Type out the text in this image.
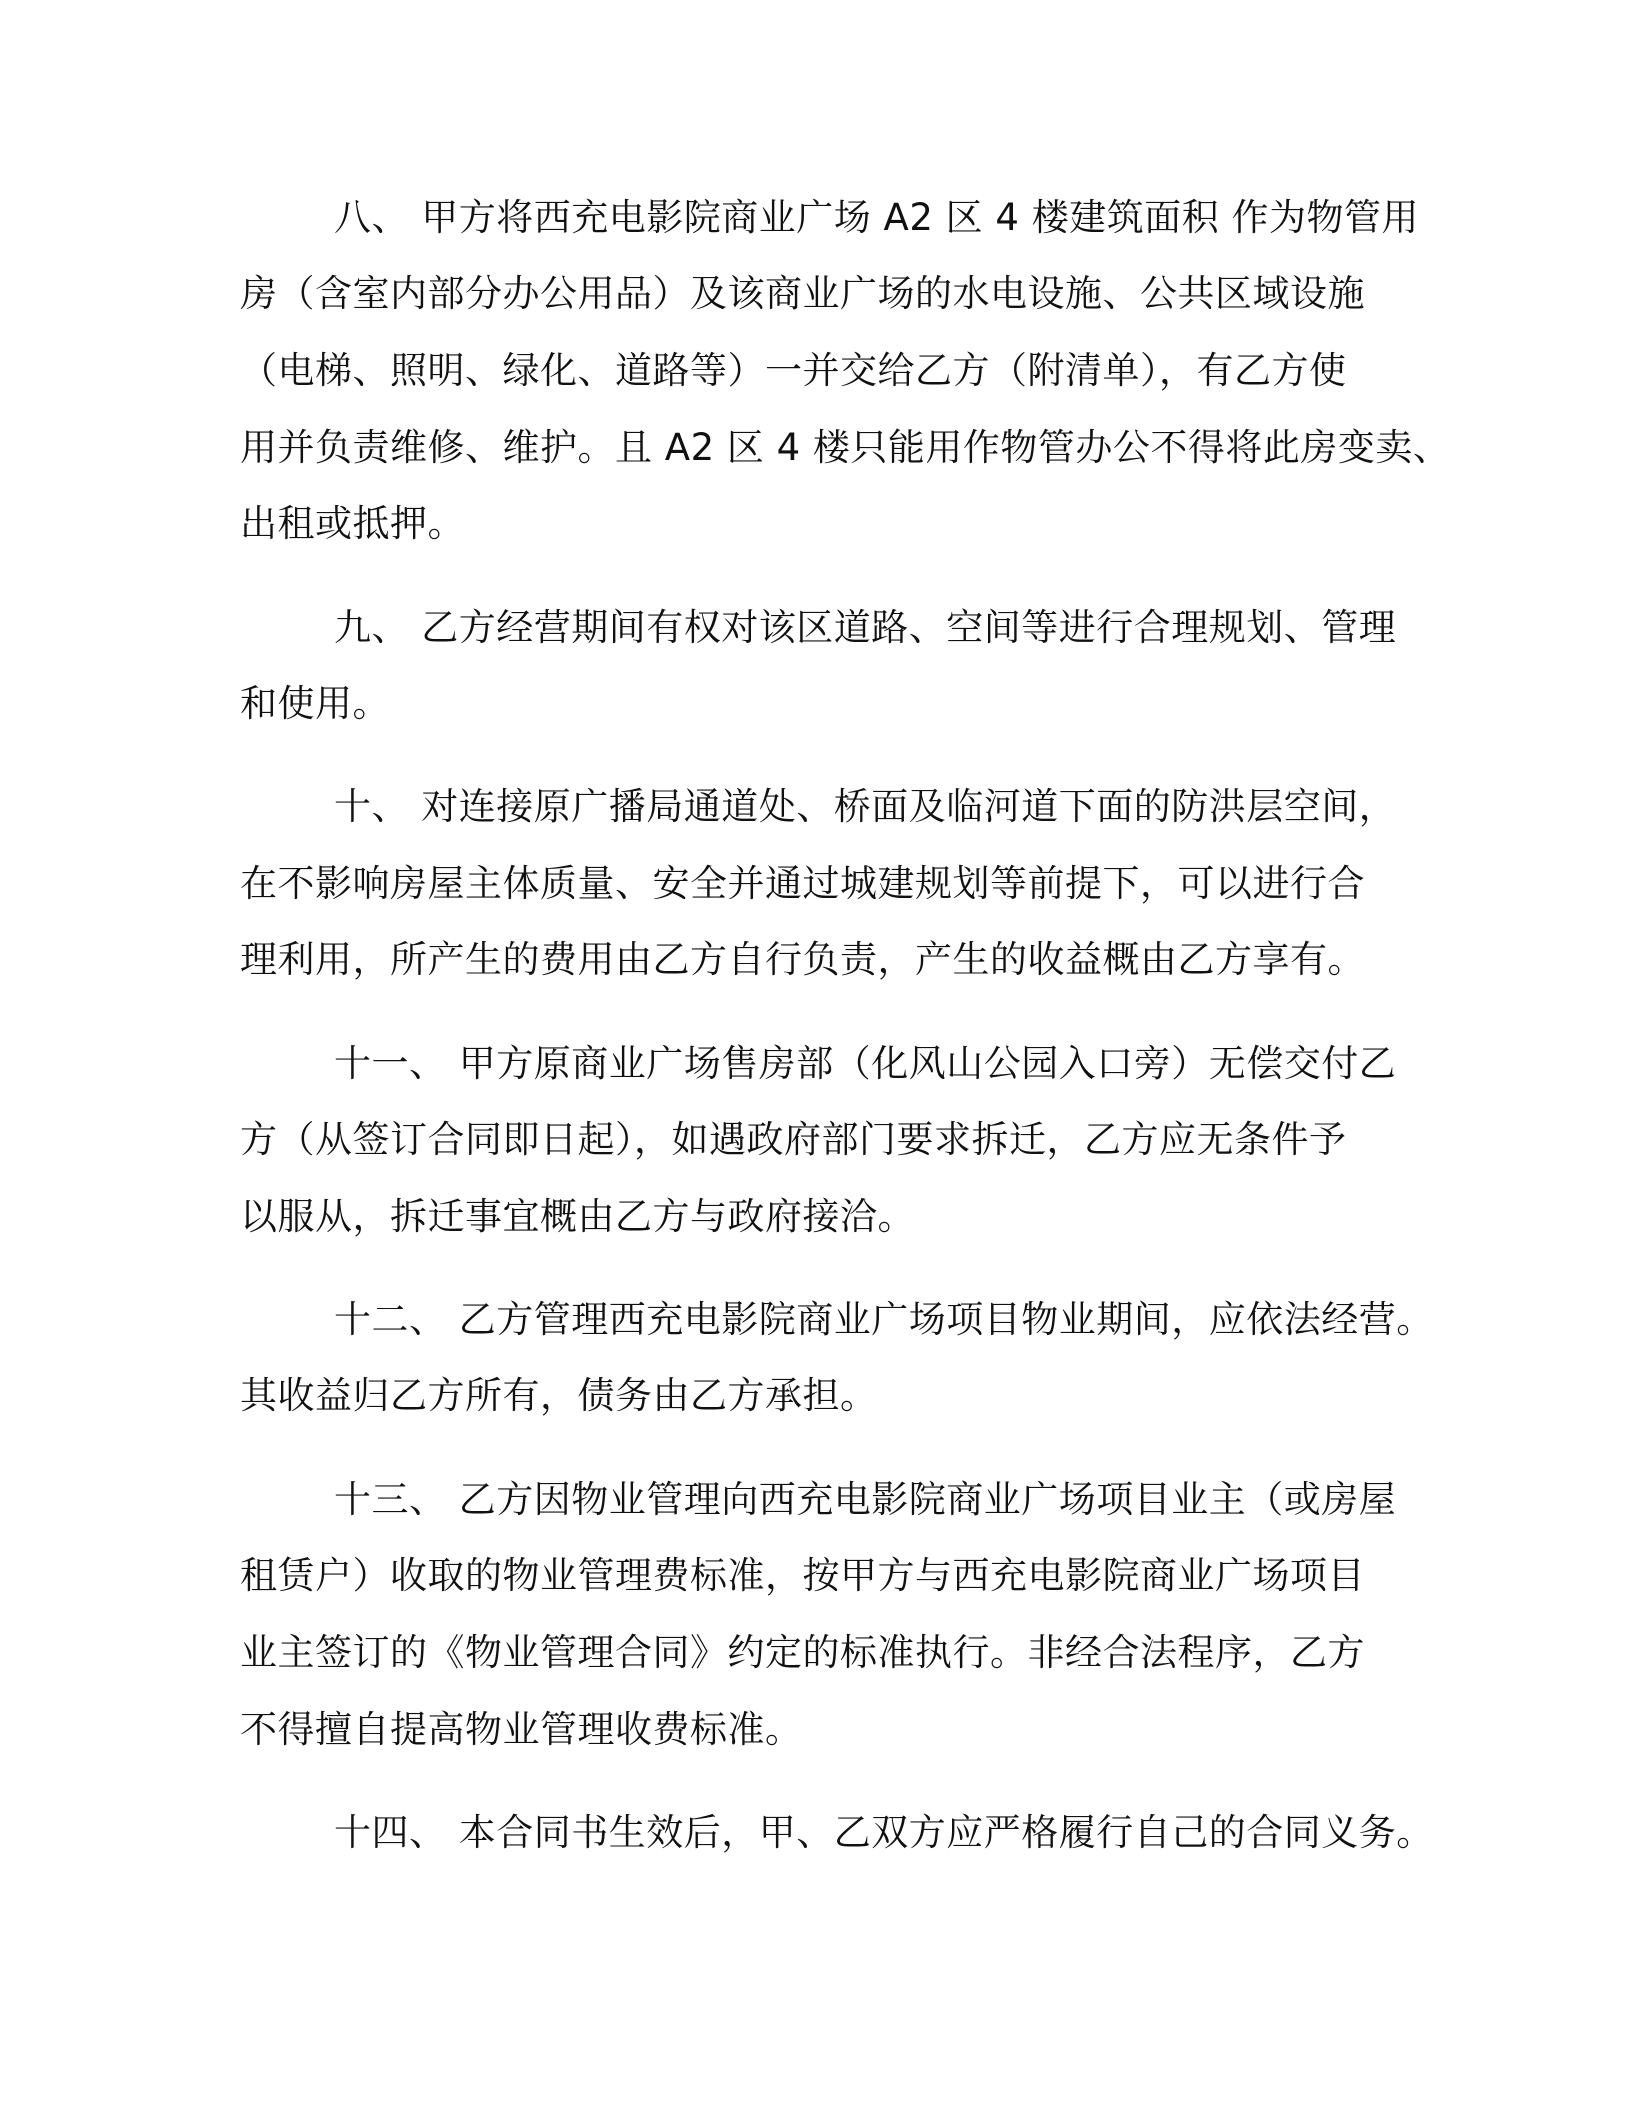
八、 甲方将西充电影院商业广场 A2 区 4 楼建筑面积 作为物管用
房（含室内部分办公用品）及该商业广场的水电设施、公共区域设施
（电梯、照明、绿化、道路等）一并交给乙方（附清单），有乙方使
用并负责维修、维护。且 A2 区 4 楼只能用作物管办公不得将此房变卖、
出租或抵押。
九、 乙方经营期间有权对该区道路、空间等进行合理规划、管理
和使用。
十、 对连接原广播局通道处、桥面及临河道下面的防洪层空间，
在不影响房屋主体质量、安全并通过城建规划等前提下，可以进行合
理利用，所产生的费用由乙方自行负责，产生的收益概由乙方享有。
十一、 甲方原商业广场售房部（化风山公园入口旁）无偿交付乙
方（从签订合同即日起），如遇政府部门要求拆迁，乙方应无条件予
以服从，拆迁事宜概由乙方与政府接洽。
十二、 乙方管理西充电影院商业广场项目物业期间，应依法经营。
其收益归乙方所有，债务由乙方承担。
十三、 乙方因物业管理向西充电影院商业广场项目业主（或房屋
租赁户）收取的物业管理费标准，按甲方与西充电影院商业广场项目
业主签订的《物业管理合同》约定的标准执行。非经合法程序，乙方
不得擅自提高物业管理收费标准。
十四、 本合同书生效后，甲、乙双方应严格履行自己的合同义务。
